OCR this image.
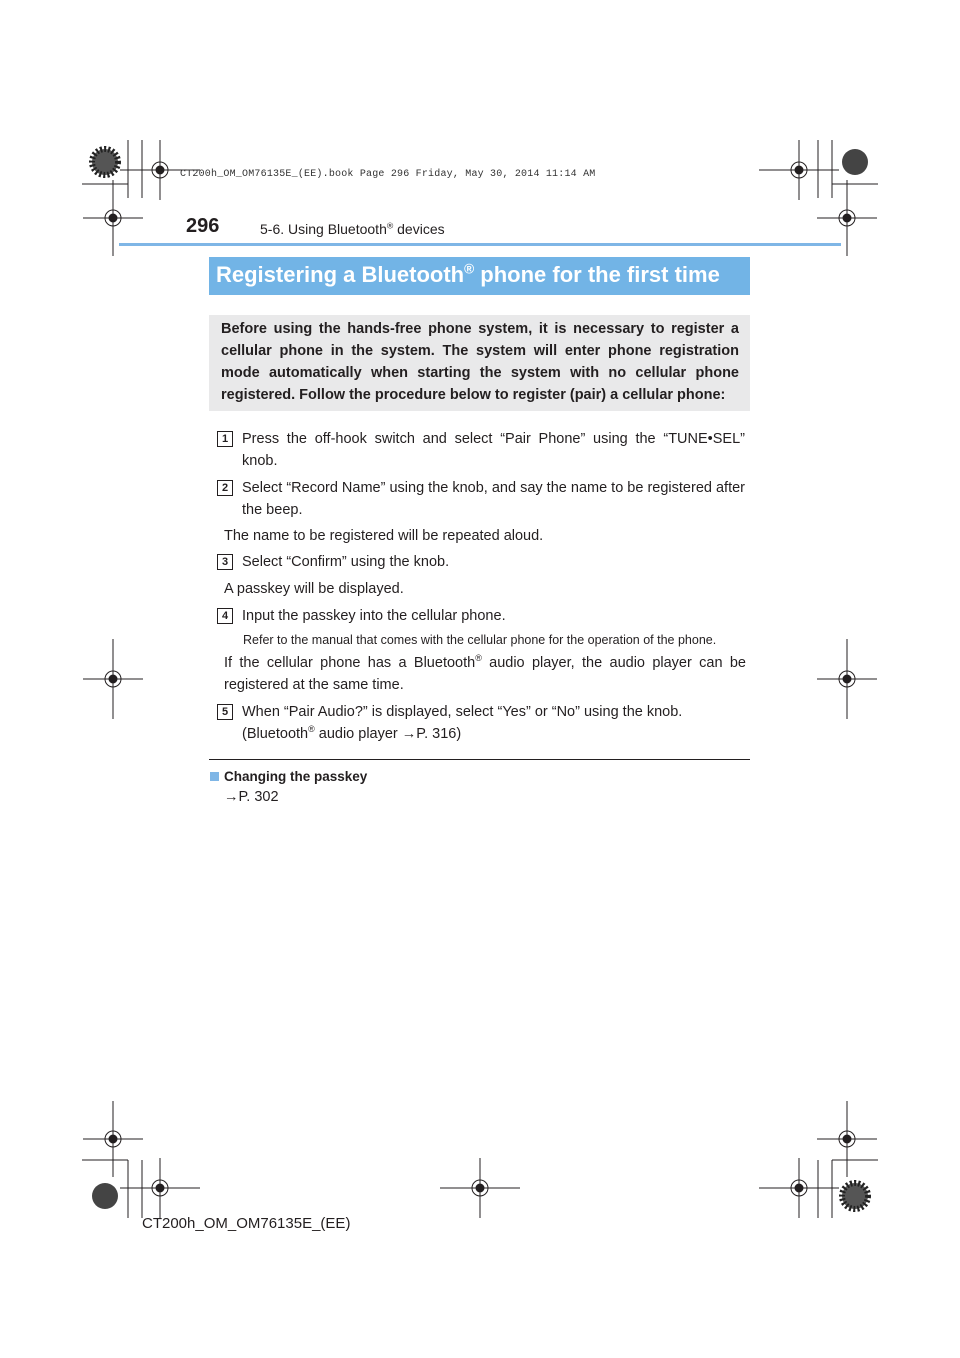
CT200h_OM_OM76135E_(EE).book Page 296 Friday, May 30, 2014 11:14 AM
296	5-6. Using Bluetooth® devices
Registering a Bluetooth® phone for the first time
Before using the hands-free phone system, it is necessary to register a cellular phone in the system. The system will enter phone registration mode automatically when starting the system with no cellular phone registered. Follow the procedure below to register (pair) a cellular phone:
1 Press the off-hook switch and select “Pair Phone” using the “TUNE•SEL” knob.
2 Select “Record Name” using the knob, and say the name to be registered after the beep.
The name to be registered will be repeated aloud.
3 Select “Confirm” using the knob.
A passkey will be displayed.
4 Input the passkey into the cellular phone.
Refer to the manual that comes with the cellular phone for the operation of the phone.
If the cellular phone has a Bluetooth® audio player, the audio player can be registered at the same time.
5 When “Pair Audio?” is displayed, select “Yes” or “No” using the knob.
(Bluetooth® audio player →P. 316)
Changing the passkey
→P. 302
CT200h_OM_OM76135E_(EE)
